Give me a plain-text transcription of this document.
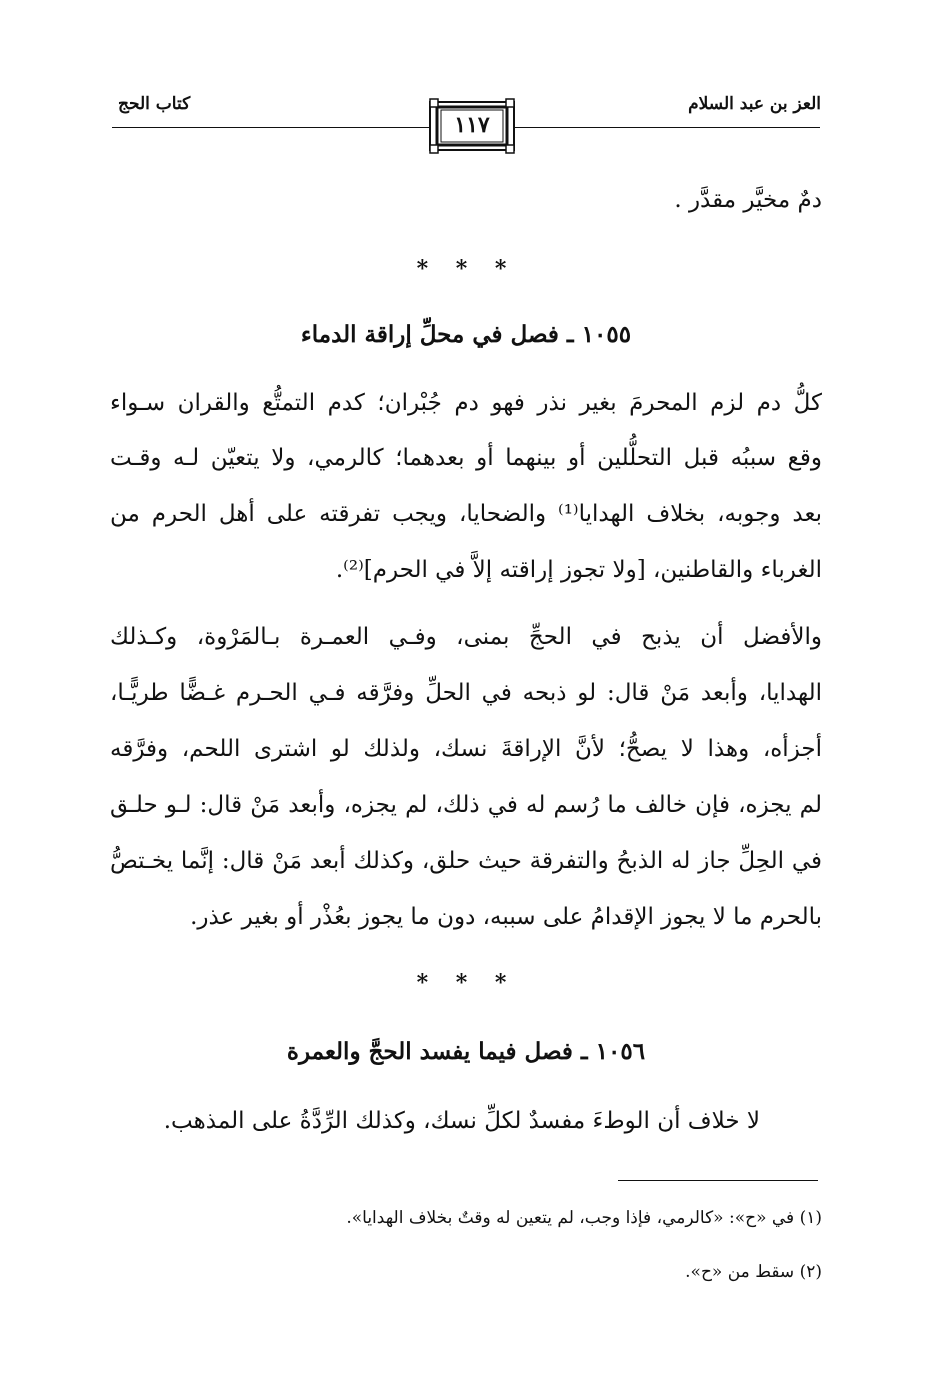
العز بن عبد السلام
كتاب الحج
١١٧
دمٌ مخيَّر مقدَّر .
* * *
١٠٥٥ ـ فصل في محلِّ إراقة الدماء
كلُّ دم لزم المحرمَ بغير نذر فهو دم جُبْران؛ كدم التمتُّع والقران سـواء
وقع سببُه قبل التحلُّلين أو بينهما أو بعدهما؛ كالرمي، ولا يتعيّن لـه وقـت
بعد وجوبه، بخلاف الهدايا⁽¹⁾ والضحايا، ويجب تفرقته على أهل الحرم من
الغرباء والقاطنين، [ولا تجوز إراقته إلاَّ في الحرم]⁽²⁾.
والأفضل أن يذبح في الحجِّ بمنى، وفـي العمـرة بـالمَرْوة، وكـذلك
الهدايا، وأبعد مَنْ قال: لو ذبحه في الحلِّ وفرَّقه فـي الحـرم غـضًّا طريًّـا،
أجزأه، وهذا لا يصحُّ؛ لأنَّ الإراقةَ نسك، ولذلك لو اشترى اللحم، وفرَّقه
لم يجزه، فإن خالف ما رُسم له في ذلك، لم يجزه، وأبعد مَنْ قال: لـو حلـق
في الحِلِّ جاز له الذبحُ والتفرقة حيث حلق، وكذلك أبعد مَنْ قال: إنَّما يخـتصُّ
بالحرم ما لا يجوز الإقدامُ على سببه، دون ما يجوز بعُذْر أو بغير عذر.
* * *
١٠٥٦ ـ فصل فيما يفسد الحجَّ والعمرة
لا خلاف أن الوطءَ مفسدٌ لكلِّ نسك، وكذلك الرِّدَّةُ على المذهب.
(١) في «ح»: «كالرمي، فإذا وجب، لم يتعين له وقتٌ بخلاف الهدايا».
(٢) سقط من «ح».
